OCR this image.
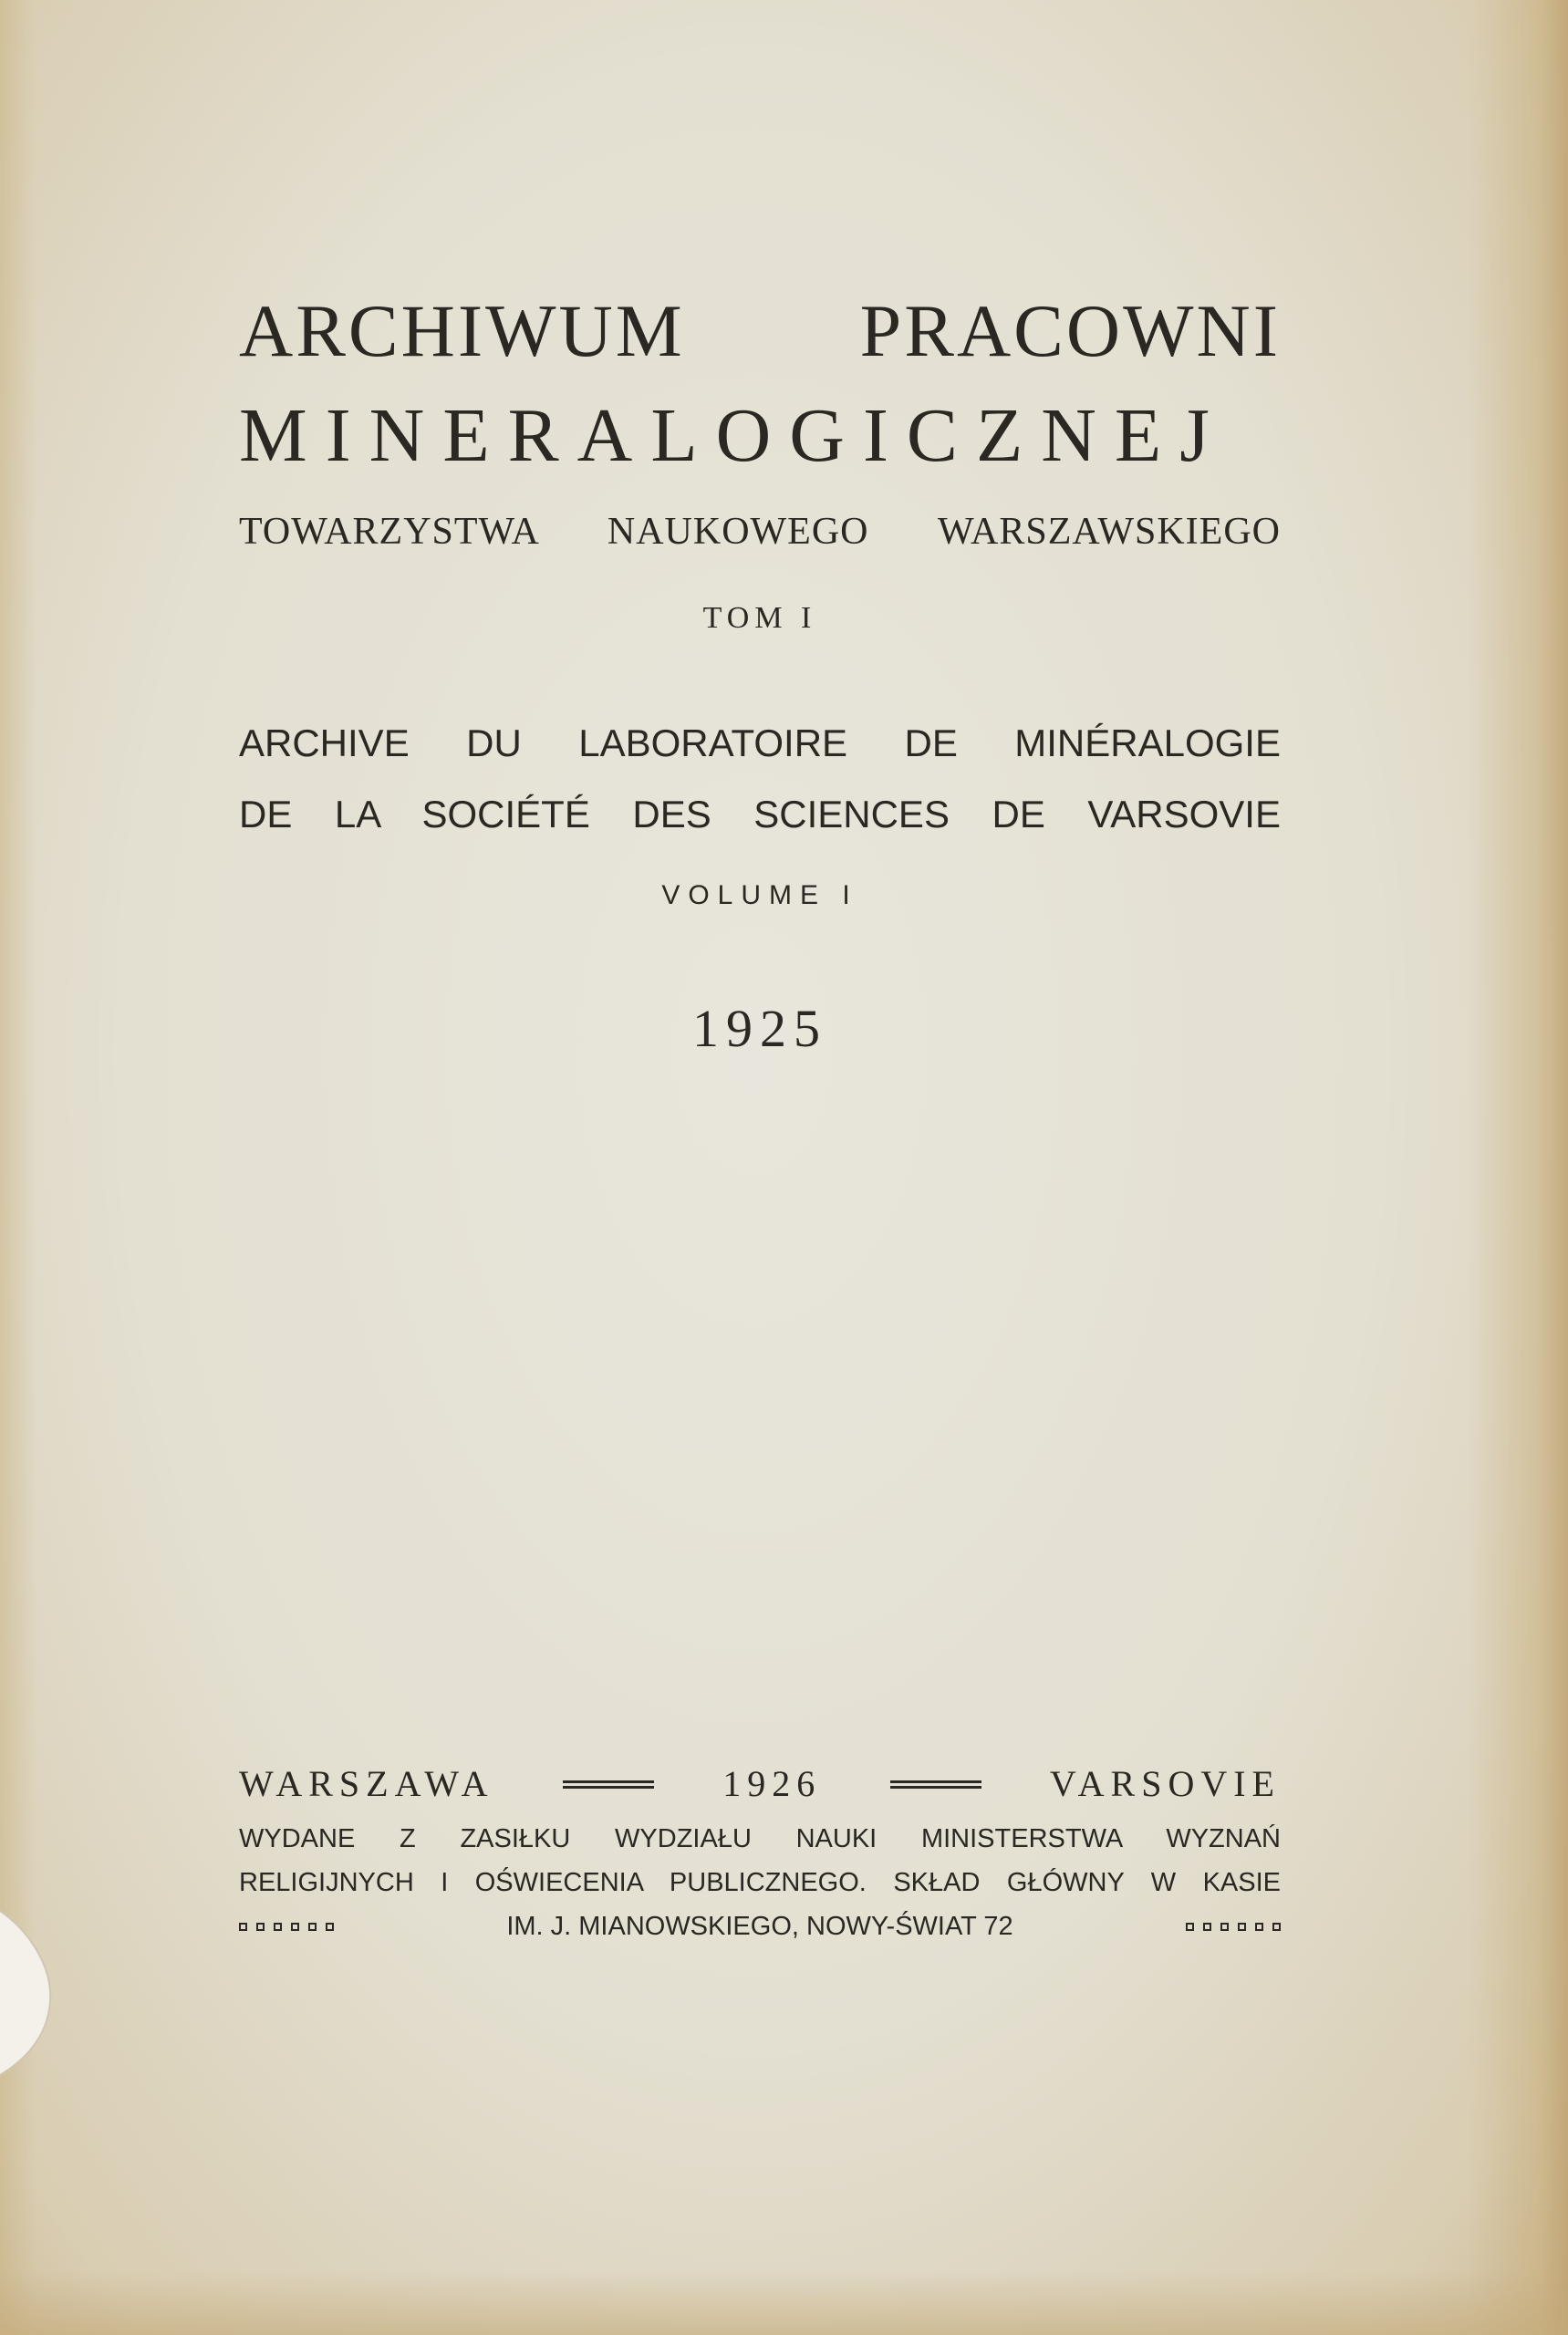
ARCHIWUM PRACOWNI
MINERALOGICZNEJ
TOWARZYSTWA NAUKOWEGO WARSZAWSKIEGO
TOM I
ARCHIVE DU LABORATOIRE DE MINÉRALOGIE
DE LA SOCIÉTÉ DES SCIENCES DE VARSOVIE
VOLUME I
1925
WARSZAWA	1926	VARSOVIE
WYDANE Z ZASIŁKU WYDZIAŁU NAUKI MINISTERSTWA WYZNAŃ
RELIGIJNYCH I OŚWIECENIA PUBLICZNEGO. SKŁAD GŁÓWNY W KASIE
IM. J. MIANOWSKIEGO, NOWY-ŚWIAT 72
